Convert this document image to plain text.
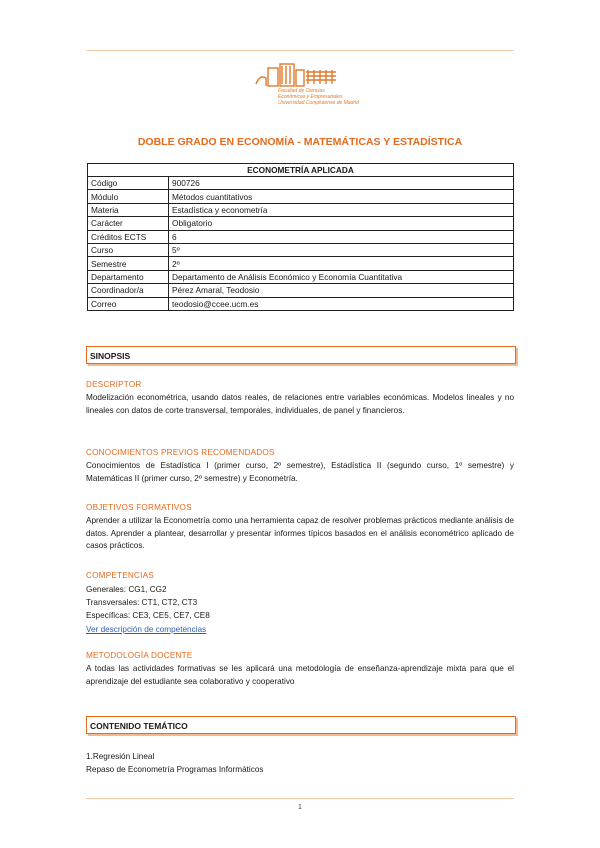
Facultad de Ciencias
Económicas y Empresariales
Universidad Complutense de Madrid
DOBLE GRADO EN ECONOMÍA - MATEMÁTICAS Y ESTADÍSTICA
ECONOMETRÍA APLICADA	
Código	900726
Módulo	Métodos cuantitativos
Materia	Estadística y econometría
Carácter	Obligatorio
Créditos ECTS	6
Curso	5º
Semestre	2º
Departamento	Departamento de Análisis Económico y Economía Cuantitativa
Coordinador/a	Pérez Amaral, Teodosio
Correo	teodosio@ccee.ucm.es
SINOPSIS
DESCRIPTOR
Modelización econométrica, usando datos reales, de relaciones entre variables económicas. Modelos lineales y no lineales con datos de corte transversal, temporales, individuales, de panel y financieros.
CONOCIMIENTOS PREVIOS RECOMENDADOS
Conocimientos de Estadística I (primer curso, 2º semestre), Estadística II (segundo curso, 1º semestre) y Matemáticas II (primer curso, 2º semestre) y Econometría.
OBJETIVOS FORMATIVOS
Aprender a utilizar la Econometría como una herramienta capaz de resolver problemas prácticos mediante análisis de datos. Aprender a plantear, desarrollar y presentar informes típicos basados en el análisis econométrico aplicado de casos prácticos.
COMPETENCIAS
Generales: CG1, CG2
Transversales: CT1, CT2, CT3
Específicas: CE3, CE5, CE7, CE8
Ver descripción de competencias
METODOLOGÍA DOCENTE
A todas las actividades formativas se les aplicará una metodología de enseñanza-aprendizaje mixta para que el aprendizaje del estudiante sea colaborativo y cooperativo
CONTENIDO TEMÁTICO
1.Regresión Lineal
Repaso de Econometría Programas Informáticos
1
